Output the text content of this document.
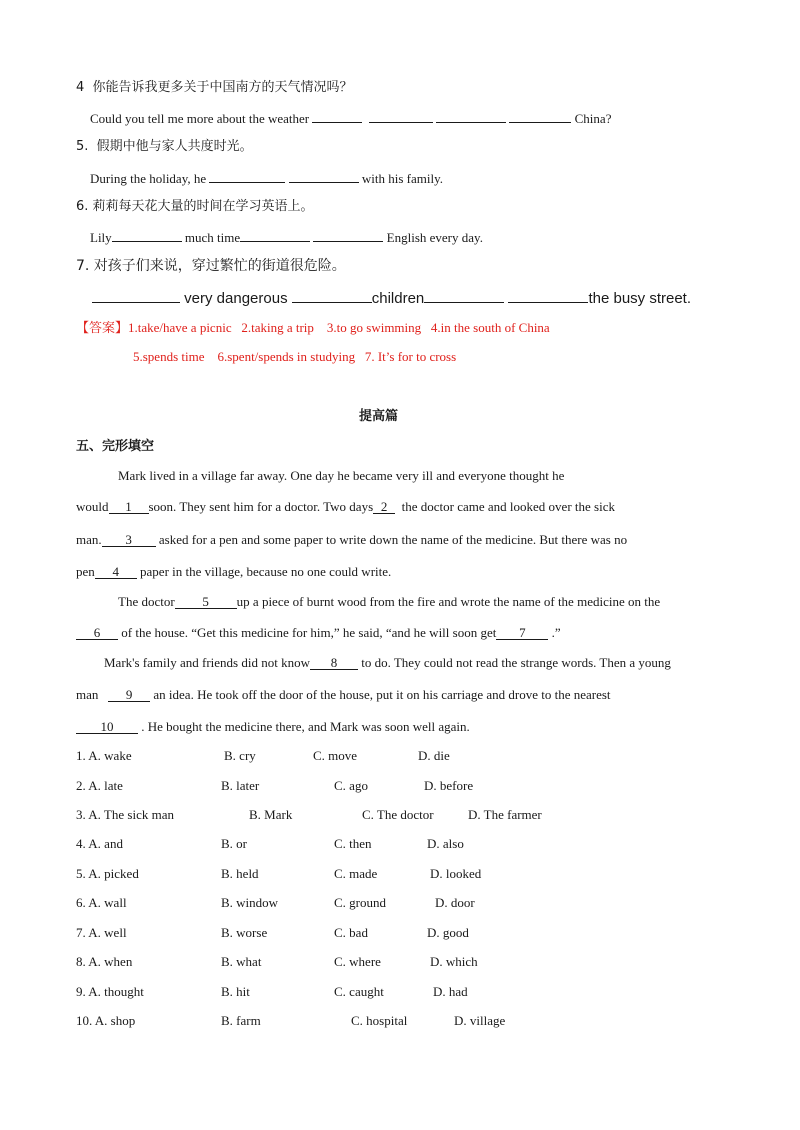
4  你能告诉我更多关于中国南方的天气情况吗？
Could you tell me more about the weather	China?
5.  假期中他与家人共度时光。
During the holiday, he	with his family.
6. 莉莉每天花大量的时间在学习英语上。
Lily	much time	English every day.
7. 对孩子们来说，穿过繁忙的街道很危险。
very dangerous	children	the busy street.
【答案】1.take/have a picnic   2.taking a trip    3.to go swimming   4.in the south of China
5.spends time    6.spent/spends in studying   7. It’s for to cross
提高篇
五、完形填空
Mark lived in a village far away. One day he became very ill and everyone thought he
would 1 soon. They sent him for a doctor. Two days 2 the doctor came and looked over the sick
man. 3 asked for a pen and some paper to write down the name of the medicine. But there was no
pen 4 paper in the village, because no one could write.
The doctor 5 up a piece of burnt wood from the fire and wrote the name of the medicine on the
6 of the house. “Get this medicine for him,” he said, “and he will soon get 7 .”
Mark's family and friends did not know 8 to do. They could not read the strange words. Then a young
man 9 an idea. He took off the door of the house, put it on his carriage and drove to the nearest
10 . He bought the medicine there, and Mark was soon well again.
1. A. wake	B. cry	C. move	D. die
2. A. late	B. later	C. ago	D. before
3. A. The sick man	B. Mark	C. The doctor	D. The farmer
4. A. and	B. or	C. then	D. also
5. A. picked	B. held	C. made	D. looked
6. A. wall	B. window	C. ground	D. door
7. A. well	B. worse	C. bad	D. good
8. A. when	B. what	C. where	D. which
9. A. thought	B. hit	C. caught	D. had
10. A. shop	B. farm	C. hospital	D. village
